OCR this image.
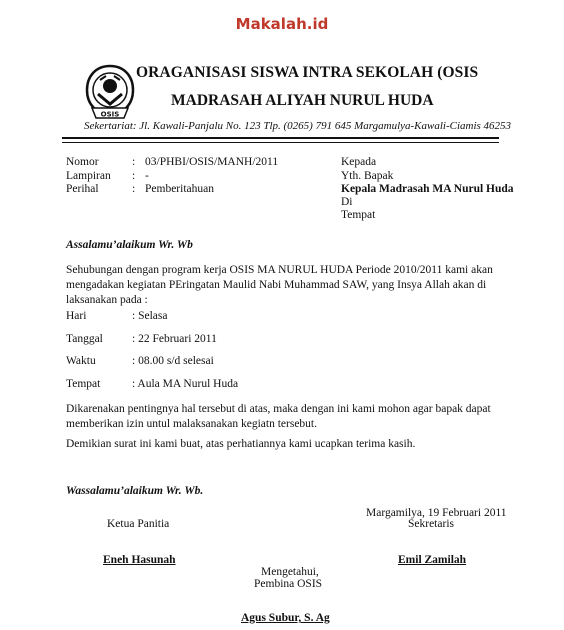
Makalah.id
OSIS
ORAGANISASI SISWA INTRA SEKOLAH (OSIS
MADRASAH ALIYAH NURUL HUDA
Sekertariat: Jl. Kawali-Panjalu No. 123 Tlp. (0265) 791 645 Margamulya-Kawali-Ciamis 46253
Nomor	: 03/PHBI/OSIS/MANH/2011
Lampiran : -
Perihal	: Pemberitahuan
Kepada
Yth. Bapak
Kepala Madrasah MA Nurul Huda
Di
Tempat
Assalamu’alaikum Wr. Wb
Sehubungan dengan program kerja OSIS MA NURUL HUDA Periode 2010/2011 kami akan mengadakan kegiatan PEringatan Maulid Nabi Muhammad SAW, yang Insya Allah akan di laksanakan pada :
Hari	: Selasa
Tanggal	: 22 Februari 2011
Waktu	: 08.00 s/d selesai
Tempat	: Aula MA Nurul Huda
Dikarenakan pentingnya hal tersebut di atas, maka dengan ini kami mohon agar bapak dapat memberikan izin untul malaksanakan kegiatn tersebut.
Demikian surat ini kami buat, atas perhatiannya kami ucapkan terima kasih.
Wassalamu’alaikum Wr. Wb.
Margamilya, 19 Februari 2011
Ketua Panitia	Sekretaris
Eneh Hasunah	Emil Zamilah
Mengetahui,
Pembina OSIS
Agus Subur, S. Ag
